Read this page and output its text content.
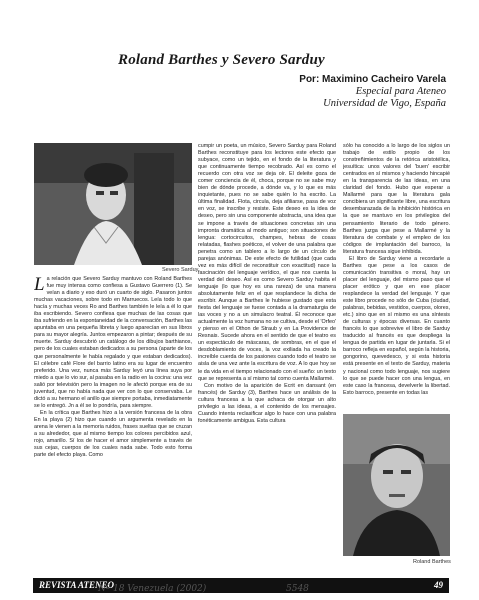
Roland Barthes y Severo Sarduy
Por: Maximino Cacheiro Varela
Especial para Ateneo
Universidad de Vigo, España
Severo Sarduy

La relación que Severo Sarduy mantuvo con Roland Barthes fue muy intensa como confiesa a Gustavo Guerrero (1). Se veían a diario y eso duró un cuarto de siglo. Pasaron juntos muchas vacaciones, sobre todo en Marruecos. Leía todo lo que hacía y muchas veces Ro and Barthes también le leía a él lo que iba escribiendo. Severo confiesa que muchas de las cosas que iba sufriendo en la espontaneidad de la conversación, Barthes las apuntaba en una pequeña libreta y luego aparecían en sus libros para su mayor alegría. Juntos empezaron a pintar; después de su muerte. Sarduy descubrió un catálogo de los dibujos barthianos, pero de los cuales estaban dedicados a su persona (aparte de los que personalmente le había regalado y que estaban dedicados). El célebre café Flore del barrio latino era su lugar de encuentro preferido. Una vez, nunca más Sarduy leyó una línea suya por miedo a que lo vio sur, al pasaba en la radio en la cocina: una vez salió por televisión pero la imagen no le afectó porque era de su juventud, que no había nada que ver con lo que conservaba. Le dictó a su hermano el anillo que siempre portaba, inmediatamente se lo entregó. Jn a él se lo pondría, para siempre.

En la crítica que Barthes hizo a la versión francesa de la obra En la playa (2) hizo que cuando un argumenta revelado en la arena le vienen a la memoria ruidos, frases sueltas que se cruzan a su alrededor, que al mismo tiempo los colores percibidos azul, rojo, amarillo. Sí los de hacer el amor simplemente a través de sus cejas, cuerpos de los cuales nada sabe. Todo esto forma parte del efecto playa. Como

cumpir un poeta, un músico, Severo Sarduy para Roland Barthes reconstituye para los lectores este efecto que subyace, como un tejido, en el fondo de la literatura y que continuamente tiempo recobrado. Así es como el recuerdo con otra voz se deja oír. El deleite goza de comer conciencia de él, choca, porque no se sabe muy bien de dónde procede, a dónde va, y lo que es más inquietante, pues no se sabe quién lo ha escrito. La última finalidad. Flota, circula, deja afiliarse, pasa de voz en voz, se inscribe y resiste. Este deseo es la idea de deseo, pero sin una componente abstracta, una idea que se impone a través de situaciones concretas sin una impronta dramática al modo antiguo; son situaciones de lengua: cortocircuitos, champes, hebras de cosas relatadas, flashes poéticos, el volver de una palabra que penetra como un tablero a lo largo de un círculo de parejas anónimas. De este efecto de futilidad (que cada vez es más difícil de reconstituir con exactitud) nace la fascinación del lenguaje verídico, el que nos cuenta la verdad del deseo. Así es como Severo Sarduy habita el lenguaje (lo que hoy es una rareza) de una manera absolutamente feliz en el que resplandece la dicha de escribir. Aunque a Barthes le hubiese gustado que esta fiesta del lenguaje se fuese contada a la dramaturgia de las voces y no a un simulacro teatral. Él reconoce que actualmente la voz humana no se cultiva, desde el 'Orfeo' y pienso en el Othon de Straub y en La Providence de Resnais. Sucede ahora en el sentido de que el teatro es un espectáculo de máscaras, de sombras, en el que el desdoblamiento de voces, la voz exiliada ha creado la increíble cuerda de los pasiones cuando todo el teatro se aisla de una vez ante la escritura de voz. A lo que hoy se le da vida en el tiempo relacionado con el sueño: un texto que se representa a sí mismo tal como cuenta Mallarmé.

Con motivo de la aparición de Ecrit en dansant (en francés) de Sarduy (3), Barthes hace un análisis de la cultura francesa a la que achaca de otorgar un alto privilegio a las ideas, a el contenido de los mensajes. Cuando intenta reclasificar algo lo hace con una palabra fonéticamente ambigua. Esta cultura

sólo ha conocido a lo largo de los siglos un trabajo de estilo propio de los constreñimientos de la retórica aristotélica, jesuítica: unos valores del 'buen' escribir centrados en sí mismos y haciendo hincapié en la transparencia de las ideas, en una claridad del fondo. Hubo que esperar a Mallarmé para que la literatura gala concibiera un significante libre, una escritura desembarazada de la inhibición histórica en la que se mantuvo en los privilegios del pensamiento literario de todo género. Barthes juzga que pese a Mallarmé y la literatura de combate y el empleo de los códigos de implantación del barroco, la literatura francesa sigue inhibida.

El libro de Sarduy viene a recordarle a Barthes que pese a los casos de comunicación transitiva o moral, hay un placer del lenguaje, del mismo paso que el placer erótico y que en ese placer resplandece la verdad del lenguaje. Y que este libro procede no sólo de Cuba (ciudad, palabras, bebidas, vestidos, cuerpos, olores, etc.) sino que en sí mismo es una síntesis de culturas y épocas diversas. En cuanto francés lo que sobrevive el libro de Sarduy traducido al francés es que despliega la lengua de partida en lugar de juntarla. Si el barroco refleja en español, según la historia, gongorino, quevedesco, y si esta historia está presente en el texto de Sarduy, materia y nacional como todo lenguaje, nos sugiere lo que se puede hacer con una lengua, en este caso la francesa, develverle la libertad. Esto barroco, presente en todas las

Roland Barthes
REVISTA ATENEO	49
Nº 18 Venezuela (2002)	5548
